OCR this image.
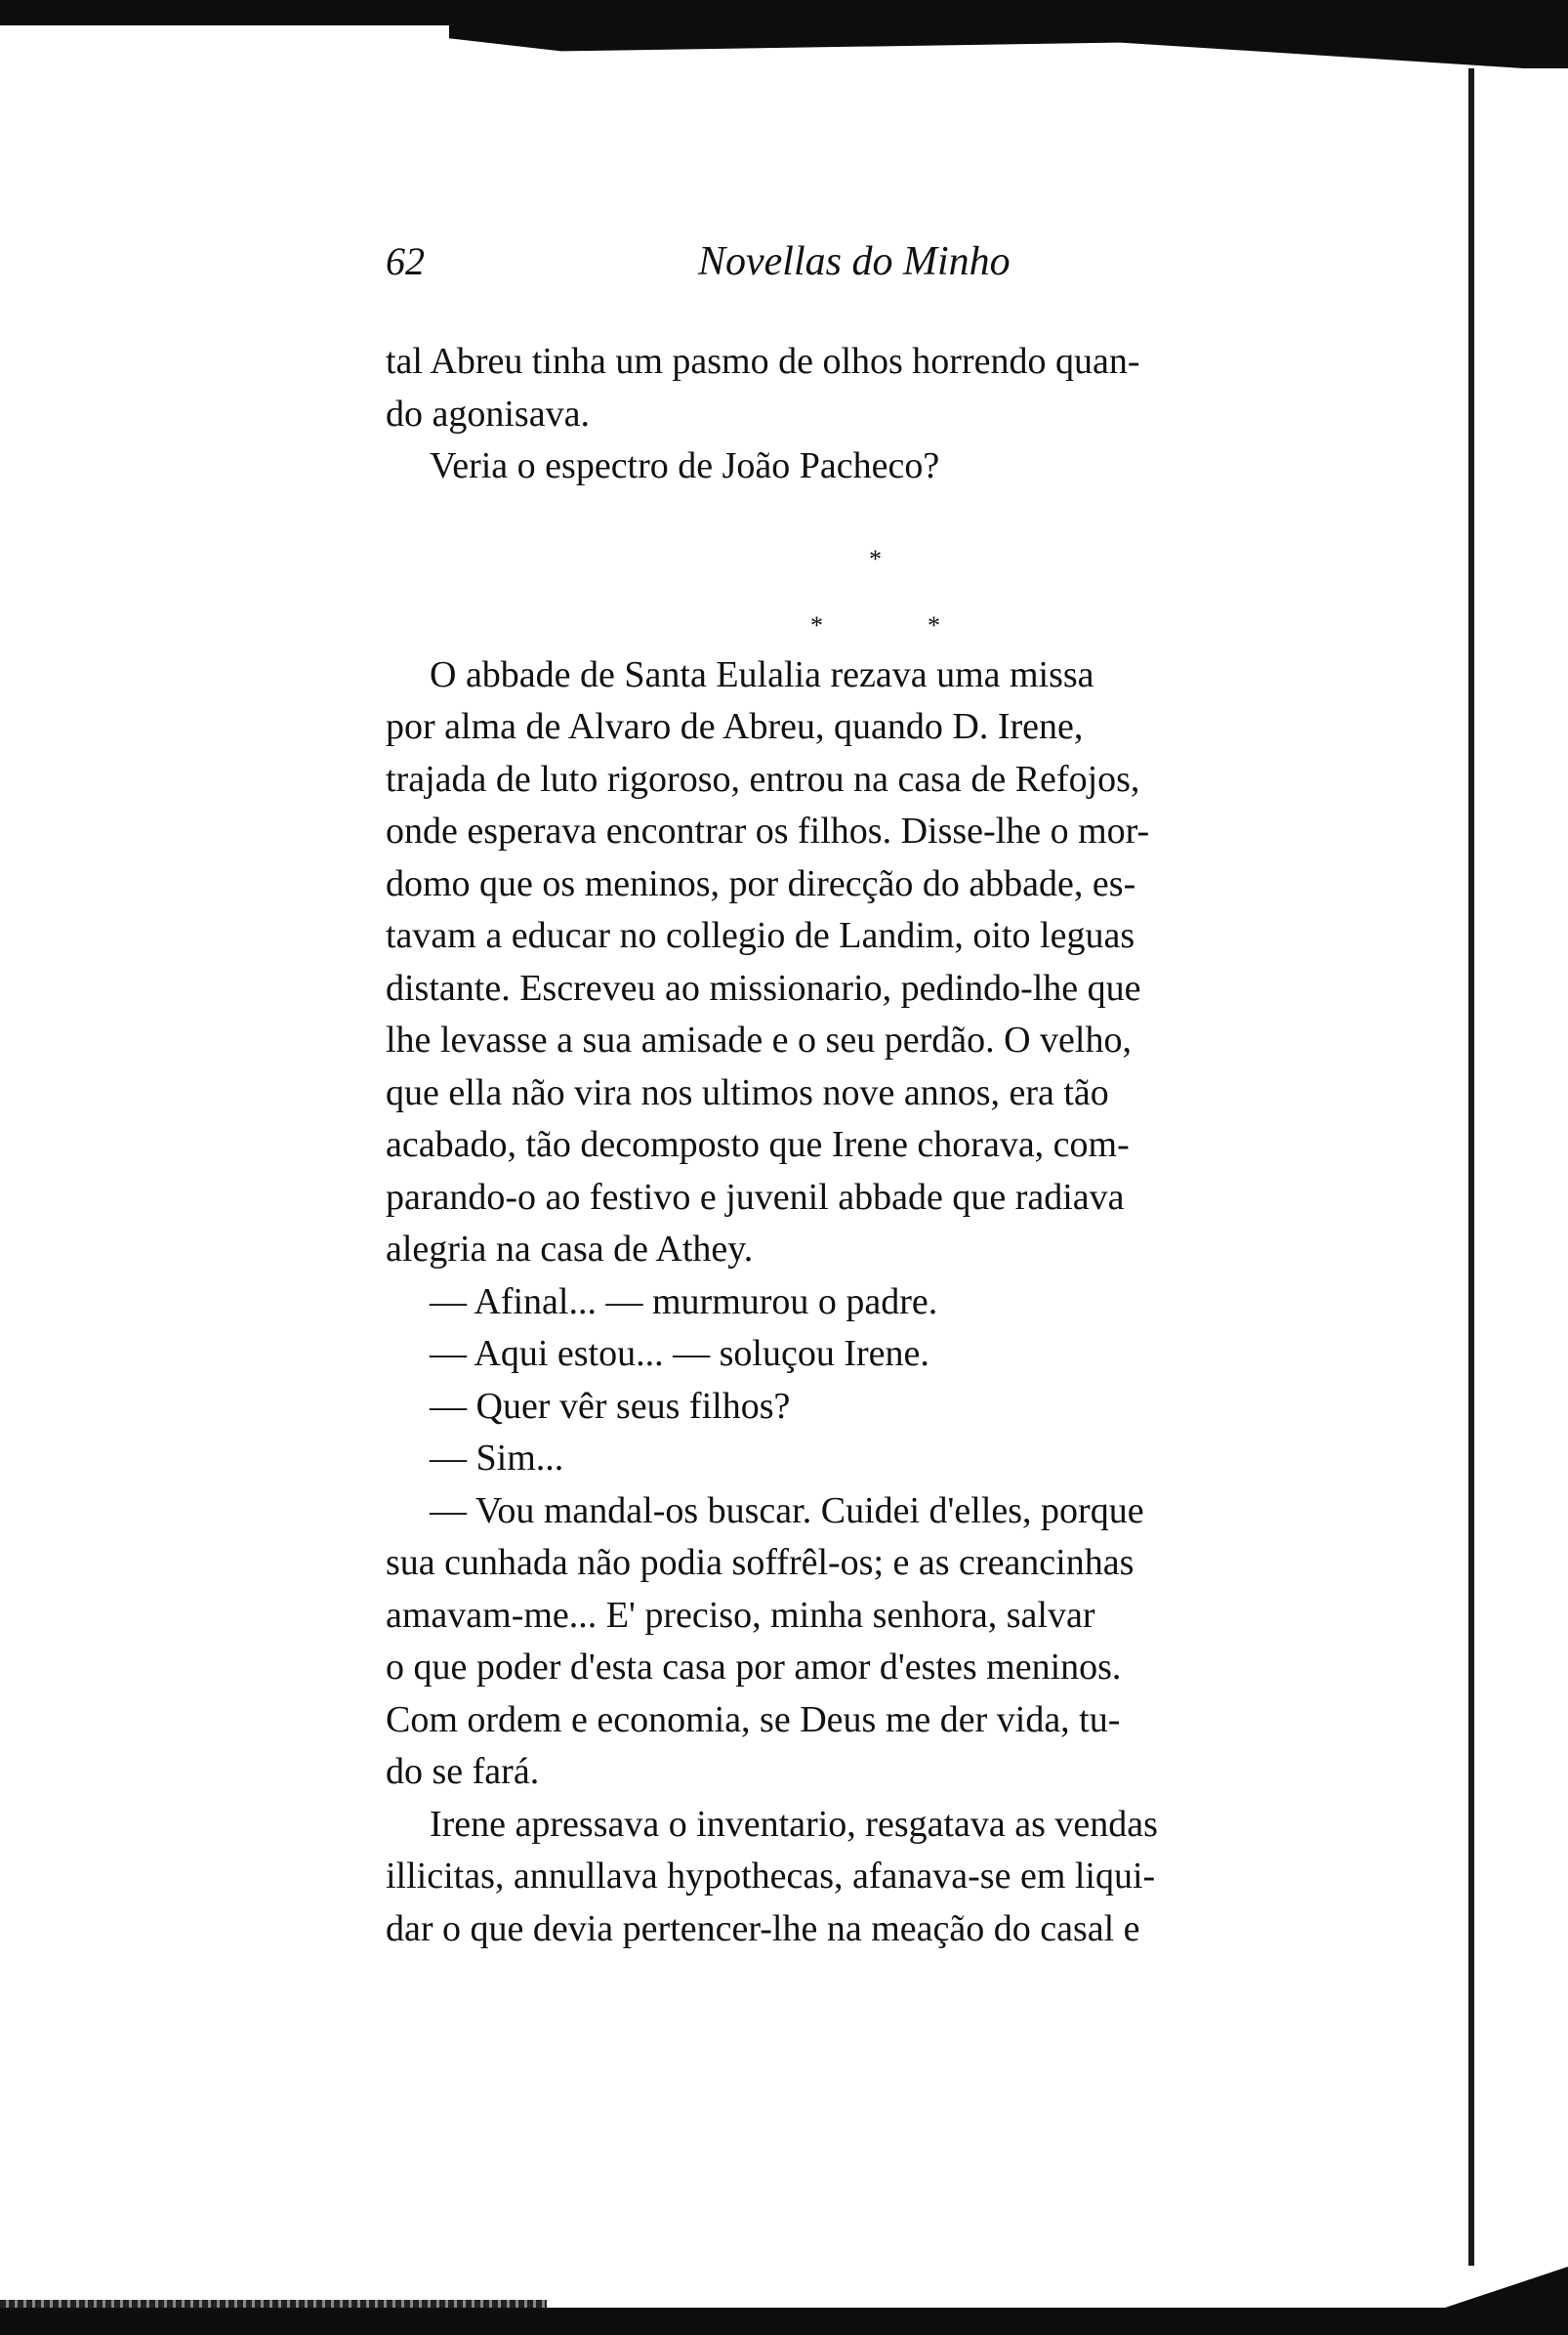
62	Novellas do Minho
tal Abreu tinha um pasmo de olhos horrendo quan-
do agonisava.
Veria o espectro de João Pacheco?
O abbade de Santa Eulalia rezava uma missa
por alma de Alvaro de Abreu, quando D. Irene,
trajada de luto rigoroso, entrou na casa de Refojos,
onde esperava encontrar os filhos. Disse-lhe o mor-
domo que os meninos, por direcção do abbade, es-
tavam a educar no collegio de Landim, oito leguas
distante. Escreveu ao missionario, pedindo-lhe que
lhe levasse a sua amisade e o seu perdão. O velho,
que ella não vira nos ultimos nove annos, era tão
acabado, tão decomposto que Irene chorava, com-
parando-o ao festivo e juvenil abbade que radiava
alegria na casa de Athey.
— Afinal... — murmurou o padre.
— Aqui estou... — soluçou Irene.
— Quer vêr seus filhos?
— Sim...
— Vou mandal-os buscar. Cuidei d'elles, porque
sua cunhada não podia soffrêl-os; e as creancinhas
amavam-me... E' preciso, minha senhora, salvar
o que poder d'esta casa por amor d'estes meninos.
Com ordem e economia, se Deus me der vida, tu-
do se fará.
Irene apressava o inventario, resgatava as vendas
illicitas, annullava hypothecas, afanava-se em liqui-
dar o que devia pertencer-lhe na meação do casal e
*
*	*
